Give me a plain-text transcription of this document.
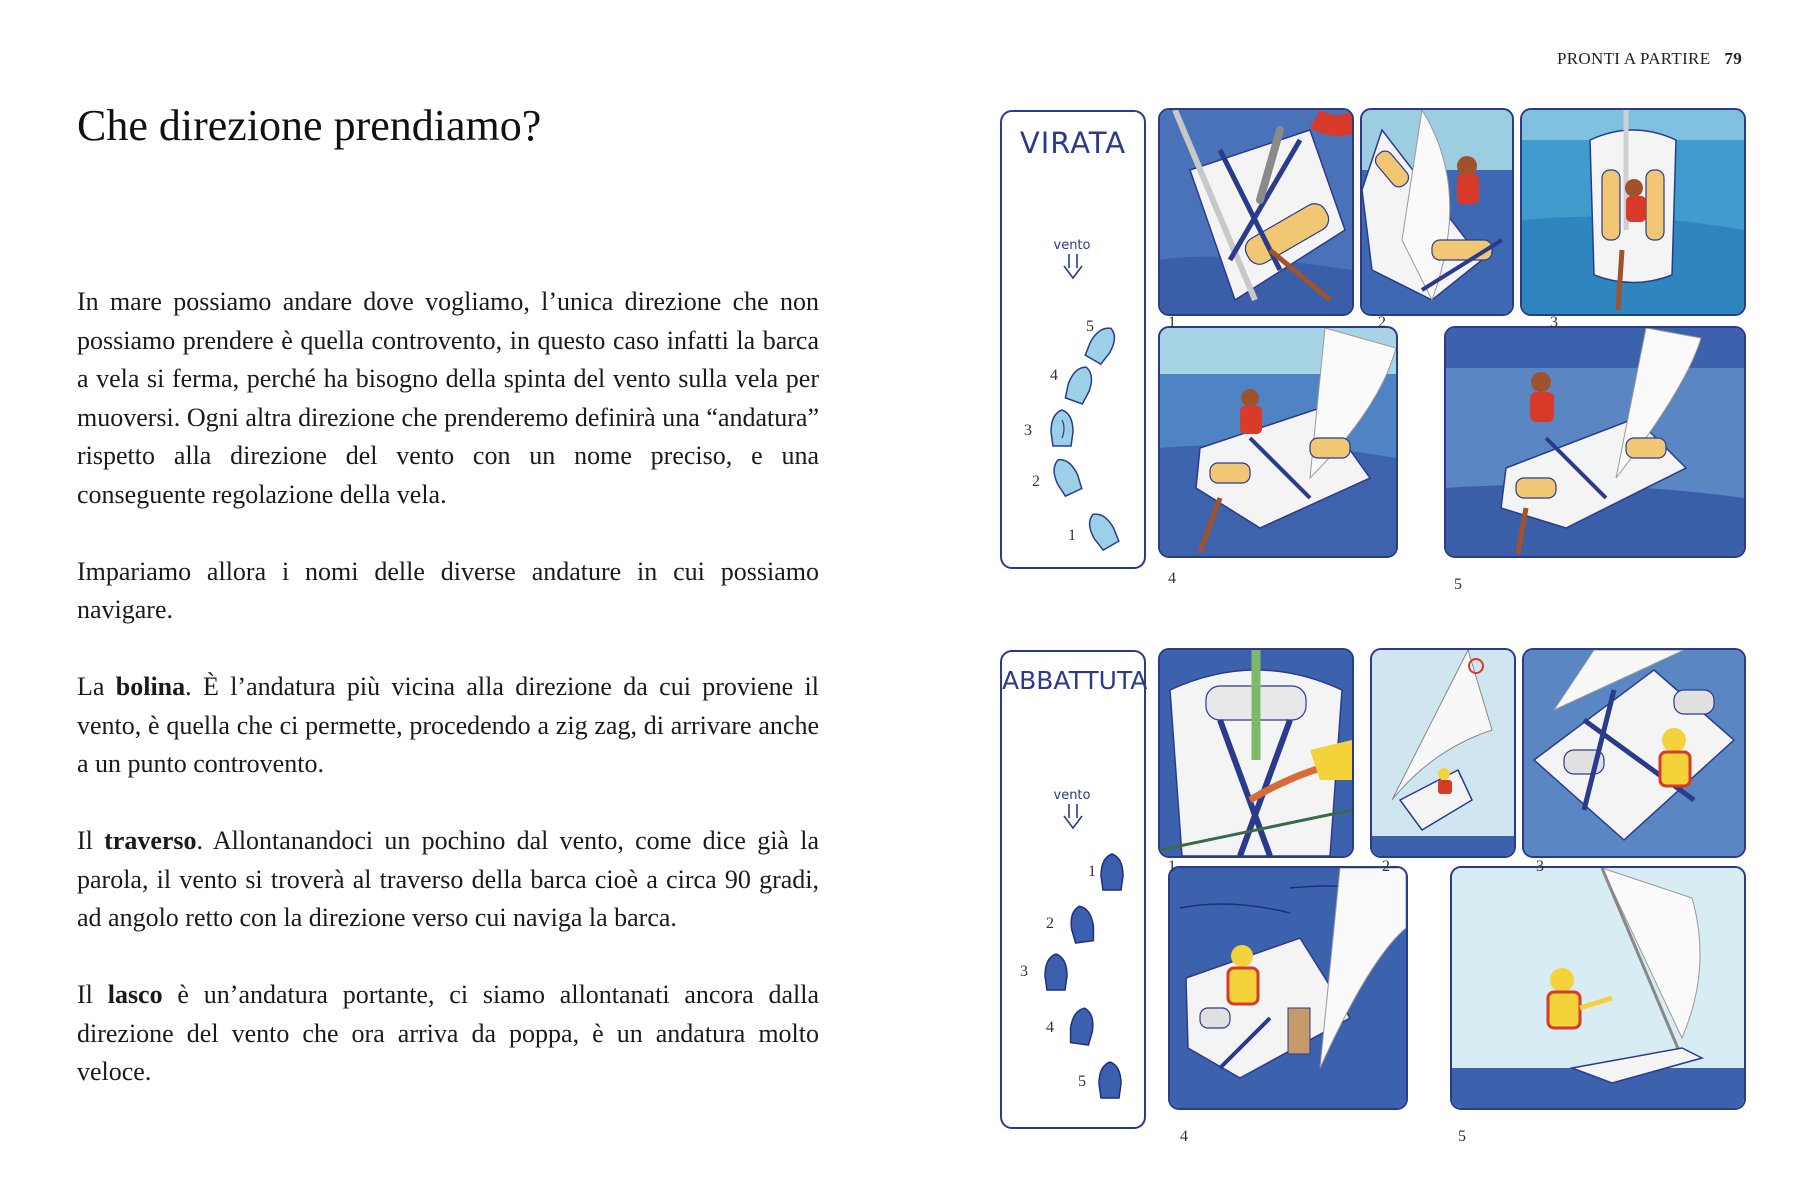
PRONTI A PARTIRE 79
Che direzione prendiamo?

In mare possiamo andare dove vogliamo, l’unica direzione che non possiamo prendere è quella controvento, in questo caso infatti la barca a vela si ferma, perché ha bisogno della spinta del vento sulla vela per muoversi. Ogni altra direzione che prenderemo definirà una “andatura” rispetto alla direzione del vento con un nome preciso, e una conseguente regolazione della vela.

Impariamo allora i nomi delle diverse andature in cui possiamo navigare.

La bolina. È l’andatura più vicina alla direzione da cui proviene il vento, è quella che ci permette, procedendo a zig zag, di arrivare anche a un punto controvento.

Il traverso. Allontanandoci un pochino dal vento, come dice già la parola, il vento si troverà al traverso della barca cioè a circa 90 gradi, ad angolo retto con la direzione verso cui naviga la barca.

Il lasco è un’andatura portante, ci siamo allontanati ancora dalla direzione del vento che ora arriva da poppa, è un andatura molto veloce.

VIRATA
vento
5
4
3
2
1
1	2	3
4	5
ABBATTUTA
vento
1
2
3
4
5
1	2	3
4	5
